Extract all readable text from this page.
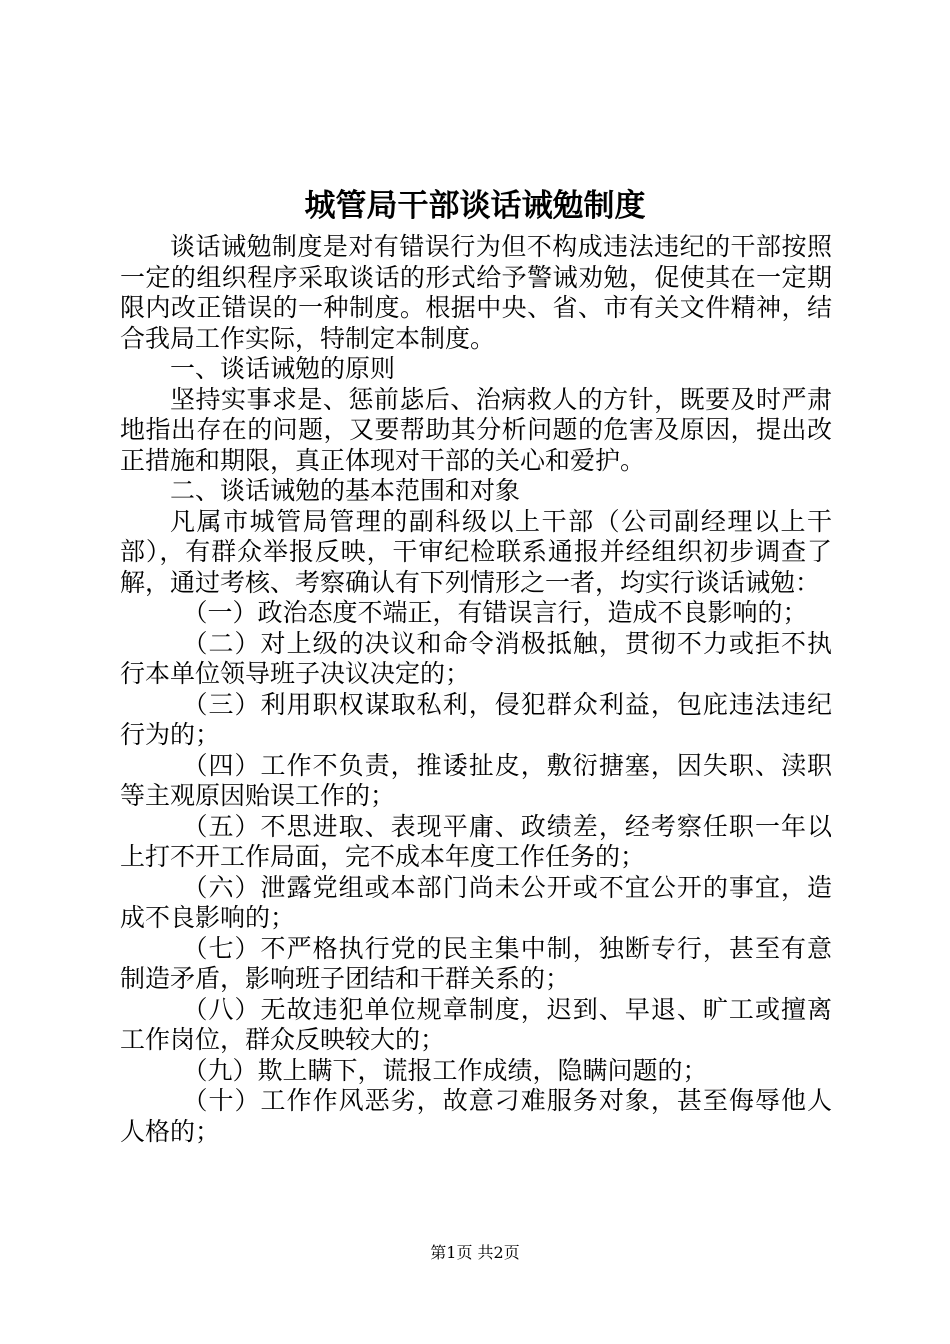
城管局干部谈话诫勉制度

谈话诫勉制度是对有错误行为但不构成违法违纪的干部按照一定的组织程序采取谈话的形式给予警诫劝勉，促使其在一定期限内改正错误的一种制度。根据中央、省、市有关文件精神，结合我局工作实际，特制定本制度。

一、谈话诫勉的原则

坚持实事求是、惩前毖后、治病救人的方针，既要及时严肃地指出存在的问题，又要帮助其分析问题的危害及原因，提出改正措施和期限，真正体现对干部的关心和爱护。

二、谈话诫勉的基本范围和对象

凡属市城管局管理的副科级以上干部（公司副经理以上干部），有群众举报反映，干审纪检联系通报并经组织初步调查了解，通过考核、考察确认有下列情形之一者，均实行谈话诫勉：

（一）政治态度不端正，有错误言行，造成不良影响的；

（二）对上级的决议和命令消极抵触，贯彻不力或拒不执行本单位领导班子决议决定的；

（三）利用职权谋取私利，侵犯群众利益，包庇违法违纪行为的；

（四）工作不负责，推诿扯皮，敷衍搪塞，因失职、渎职等主观原因贻误工作的；

（五）不思进取、表现平庸、政绩差，经考察任职一年以上打不开工作局面，完不成本年度工作任务的；

（六）泄露党组或本部门尚未公开或不宜公开的事宜，造成不良影响的；

（七）不严格执行党的民主集中制，独断专行，甚至有意制造矛盾，影响班子团结和干群关系的；

（八）无故违犯单位规章制度，迟到、早退、旷工或擅离工作岗位，群众反映较大的；

（九）欺上瞒下，谎报工作成绩，隐瞒问题的；

（十）工作作风恶劣，故意刁难服务对象，甚至侮辱他人人格的；

第1页 共2页
